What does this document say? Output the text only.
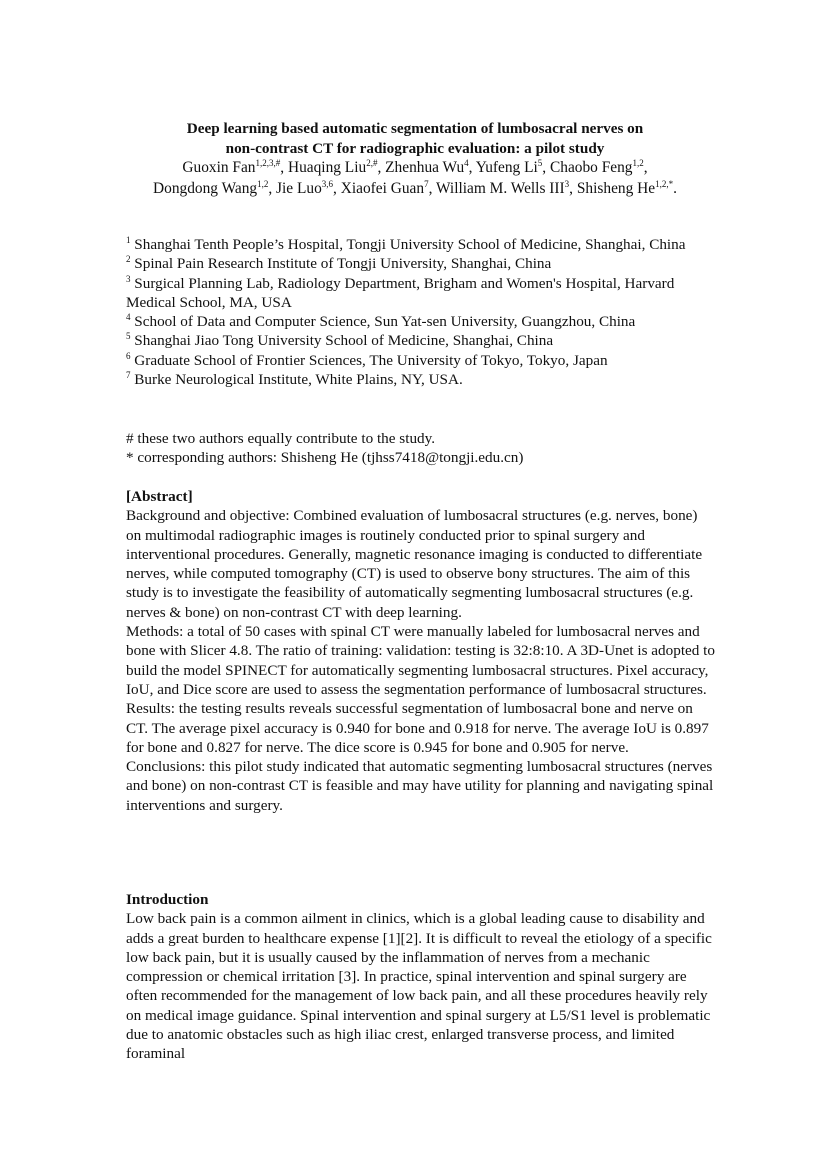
Deep learning based automatic segmentation of lumbosacral nerves on
non-contrast CT for radiographic evaluation: a pilot study
Guoxin Fan$^{1,2,3,\#}$, Huaqing Liu$^{2,\#}$, Zhenhua Wu$^4$, Yufeng Li$^5$, Chaobo Feng$^{1,2}$,
Dongdong Wang$^{1,2}$, Jie Luo$^{3,6}$, Xiaofei Guan$^7$, William M. Wells III$^3$, Shisheng $He^{1,2,*}$.
$^1$ Shanghai Tenth People’s Hospital, Tongji University School of Medicine, Shanghai, China
$^2$ Spinal Pain Research Institute of Tongji University, Shanghai, China
$^3$ Surgical Planning Lab, Radiology Department, Brigham and Women's Hospital, Harvard Medical School, MA, USA
$^4$ School of Data and Computer Science, Sun Yat-sen University, Guangzhou, China
$^5$ Shanghai Jiao Tong University School of Medicine, Shanghai, China
$^6$ Graduate School of Frontier Sciences, The University of Tokyo, Tokyo, Japan
$^7$ Burke Neurological Institute, White Plains, NY, USA.

# these two authors equally contribute to the study.

* corresponding authors: Shisheng He (tjhss7418@tongji.edu.cn)

[Abstract]

Background and objective: Combined evaluation of lumbosacral structures (e.g. nerves, bone) on multimodal radiographic images is routinely conducted prior to spinal surgery and interventional procedures. Generally, magnetic resonance imaging is conducted to differentiate nerves, while computed tomography (CT) is used to observe bony structures. The aim of this study is to investigate the feasibility of automatically segmenting lumbosacral structures (e.g. nerves & bone) on non-contrast CT with deep learning.

Methods: a total of 50 cases with spinal CT were manually labeled for lumbosacral nerves and bone with Slicer 4.8. The ratio of training: validation: testing is 32:8:10. A 3D-Unet is adopted to build the model SPINECT for automatically segmenting lumbosacral structures. Pixel accuracy, IoU, and Dice score are used to assess the segmentation performance of lumbosacral structures.

Results: the testing results reveals successful segmentation of lumbosacral bone and nerve on CT. The average pixel accuracy is 0.940 for bone and 0.918 for nerve. The average IoU is 0.897 for bone and 0.827 for nerve. The dice score is 0.945 for bone and 0.905 for nerve.

Conclusions: this pilot study indicated that automatic segmenting lumbosacral structures (nerves and bone) on non-contrast CT is feasible and may have utility for planning and navigating spinal interventions and surgery.

Introduction

Low back pain is a common ailment in clinics, which is a global leading cause to disability and adds a great burden to healthcare expense [1][2]. It is difficult to reveal the etiology of a specific low back pain, but it is usually caused by the inflammation of nerves from a mechanic compression or chemical irritation [3]. In practice, spinal intervention and spinal surgery are often recommended for the management of low back pain, and all these procedures heavily rely on medical image guidance. Spinal intervention and spinal surgery at L5/S1 level is problematic due to anatomic obstacles such as high iliac crest, enlarged transverse process, and limited foraminal
